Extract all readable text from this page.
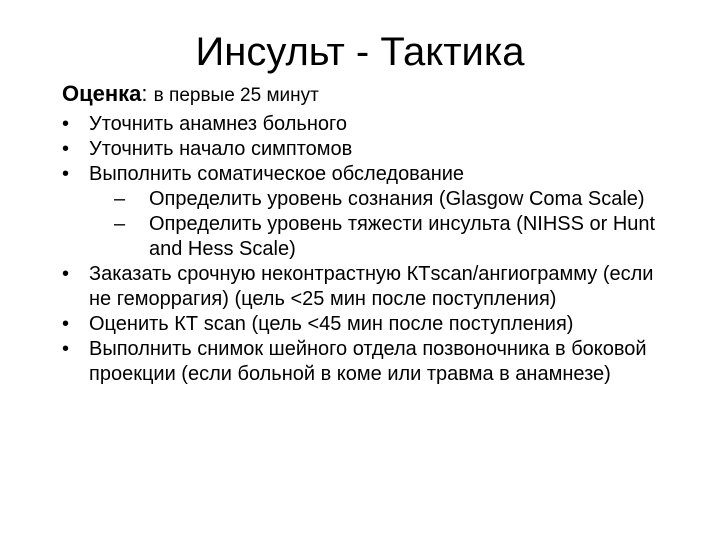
Инсульт - Тактика
Оценка: в первые 25 минут
• Уточнить анамнез больного
• Уточнить начало симптомов
• Выполнить соматическое обследование
–	Определить уровень сознания (Glasgow Coma Scale)
–	Определить уровень тяжести инсульта (NIHSS or Hunt and Hess Scale)
• Заказать срочную неконтрастную КТscan/ангиограмму (если не геморрагия) (цель <25 мин после поступления)
• Оценить КТ scan (цель <45 мин после поступления)
• Выполнить снимок шейного отдела позвоночника в боковой проекции (если больной в коме или травма в анамнезе)
